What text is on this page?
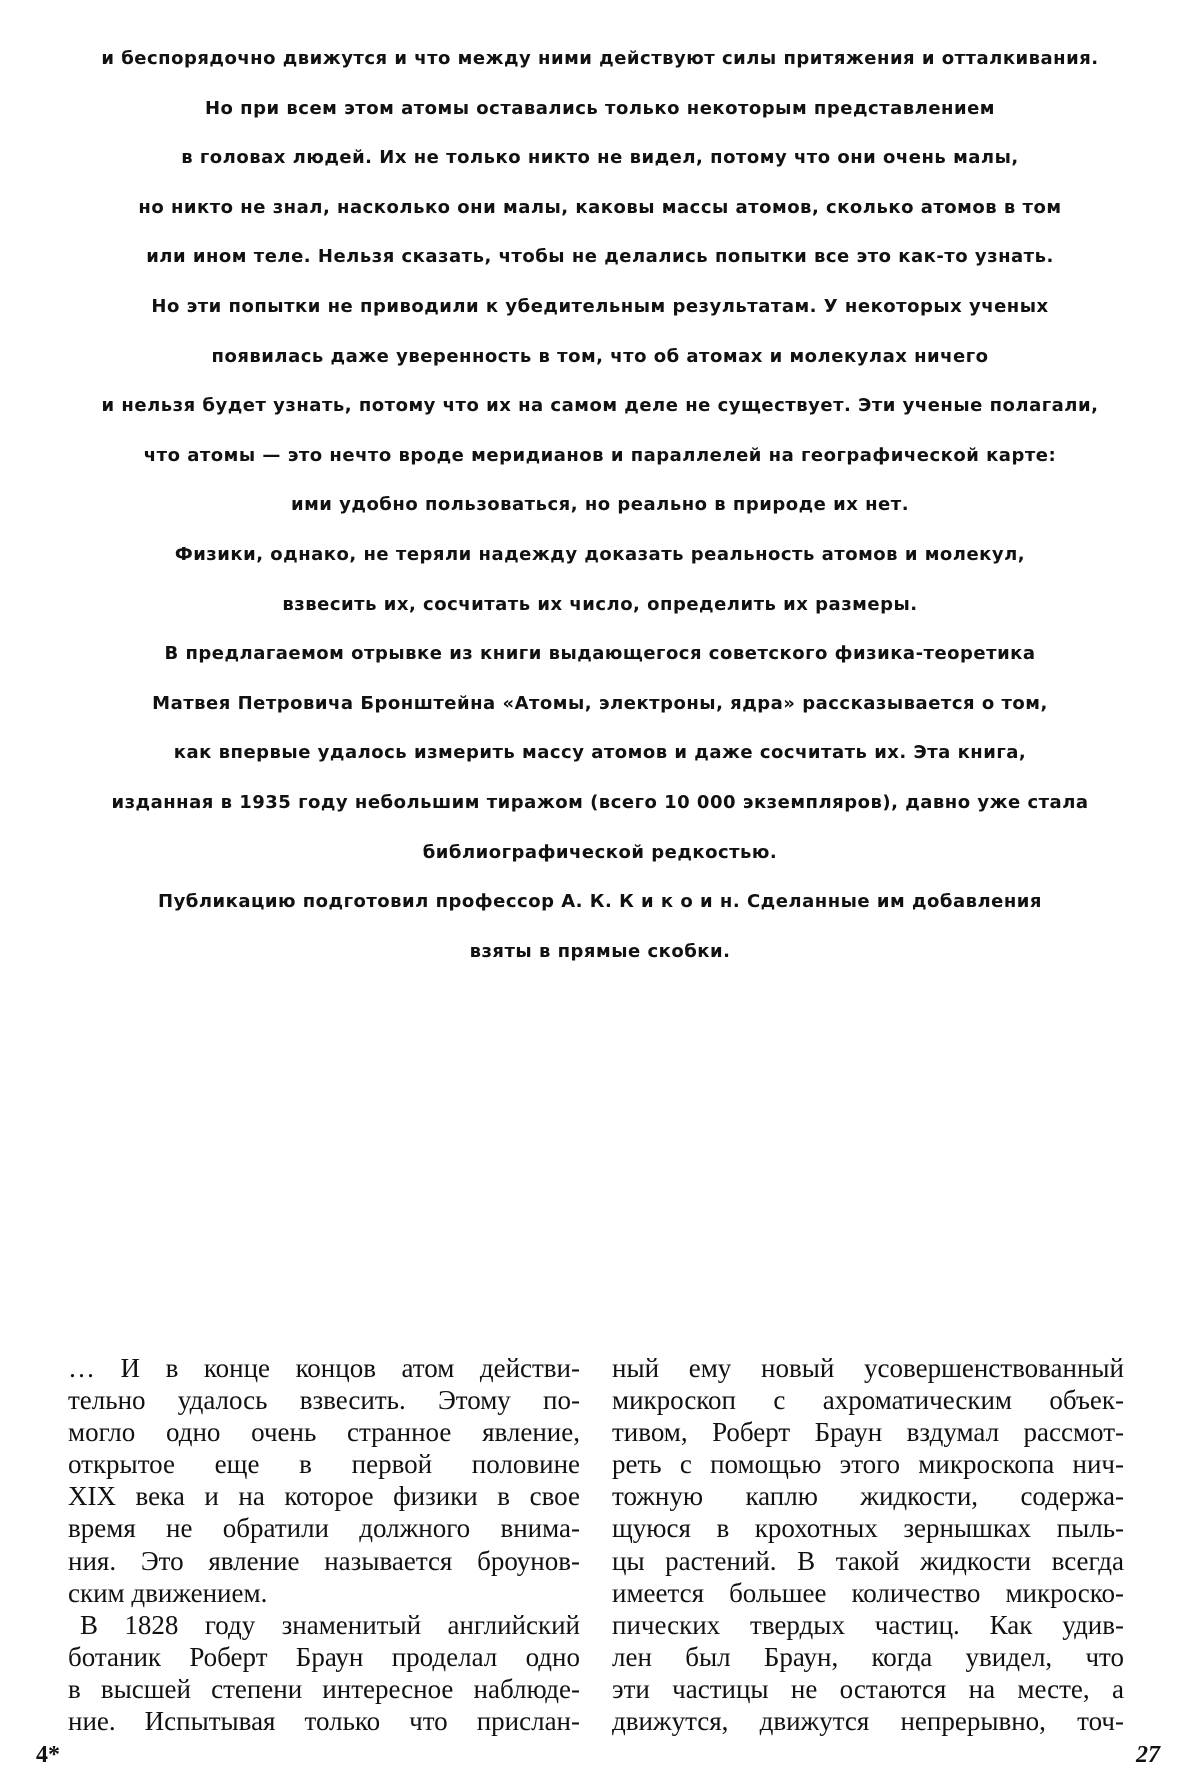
и беспорядочно движутся и что между ними действуют силы притяжения и отталкивания.
Но при всем этом атомы оставались только некоторым представлением
в головах людей. Их не только никто не видел, потому что они очень малы,
но никто не знал, насколько они малы, каковы массы атомов, сколько атомов в том
или ином теле. Нельзя сказать, чтобы не делались попытки все это как-то узнать.
Но эти попытки не приводили к убедительным результатам. У некоторых ученых
появилась даже уверенность в том, что об атомах и молекулах ничего
и нельзя будет узнать, потому что их на самом деле не существует. Эти ученые полагали,
что атомы — это нечто вроде меридианов и параллелей на географической карте:
ими удобно пользоваться, но реально в природе их нет.
Физики, однако, не теряли надежду доказать реальность атомов и молекул,
взвесить их, сосчитать их число, определить их размеры.
В предлагаемом отрывке из книги выдающегося советского физика-теоретика
Матвея Петровича Бронштейна «Атомы, электроны, ядра» рассказывается о том,
как впервые удалось измерить массу атомов и даже сосчитать их. Эта книга,
изданная в 1935 году небольшим тиражом (всего 10 000 экземпляров), давно уже стала
библиографической редкостью.
Публикацию подготовил профессор А. К. К и к о и н. Сделанные им добавления
взяты в прямые скобки.
… И в конце концов атом действи-
тельно удалось взвесить. Этому по-
могло одно очень странное явление,
открытое еще в первой половине
XIX века и на которое физики в свое
время не обратили должного внима-
ния. Это явление называется броунов-
ским движением.
В 1828 году знаменитый английский
ботаник Роберт Браун проделал одно
в высшей степени интересное наблюде-
ние. Испытывая только что прислан-
ный ему новый усовершенствованный
микроскоп с ахроматическим объек-
тивом, Роберт Браун вздумал рассмот-
реть с помощью этого микроскопа нич-
тожную каплю жидкости, содержа-
щуюся в крохотных зернышках пыль-
цы растений. В такой жидкости всегда
имеется большее количество микроско-
пических твердых частиц. Как удив-
лен был Браун, когда увидел, что
эти частицы не остаются на месте, а
движутся, движутся непрерывно, точ-
4*	27
